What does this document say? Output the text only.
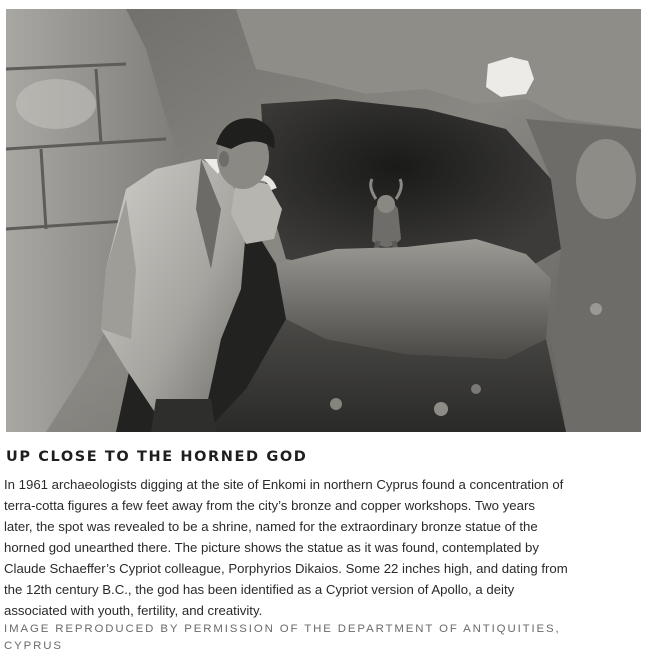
UP CLOSE TO THE HORNED GOD
In 1961 archaeologists digging at the site of Enkomi in northern Cyprus found a concentration of
terra-cotta figures a few feet away from the city’s bronze and copper workshops. Two years
later, the spot was revealed to be a shrine, named for the extraordinary bronze statue of the
horned god unearthed there. The picture shows the statue as it was found, contemplated by
Claude Schaeffer’s Cypriot colleague, Porphyrios Dikaios. Some 22 inches high, and dating from
the 12th century B.C., the god has been identified as a Cypriot version of Apollo, a deity
associated with youth, fertility, and creativity.
IMAGE REPRODUCED BY PERMISSION OF THE DEPARTMENT OF ANTIQUITIES,
CYPRUS
